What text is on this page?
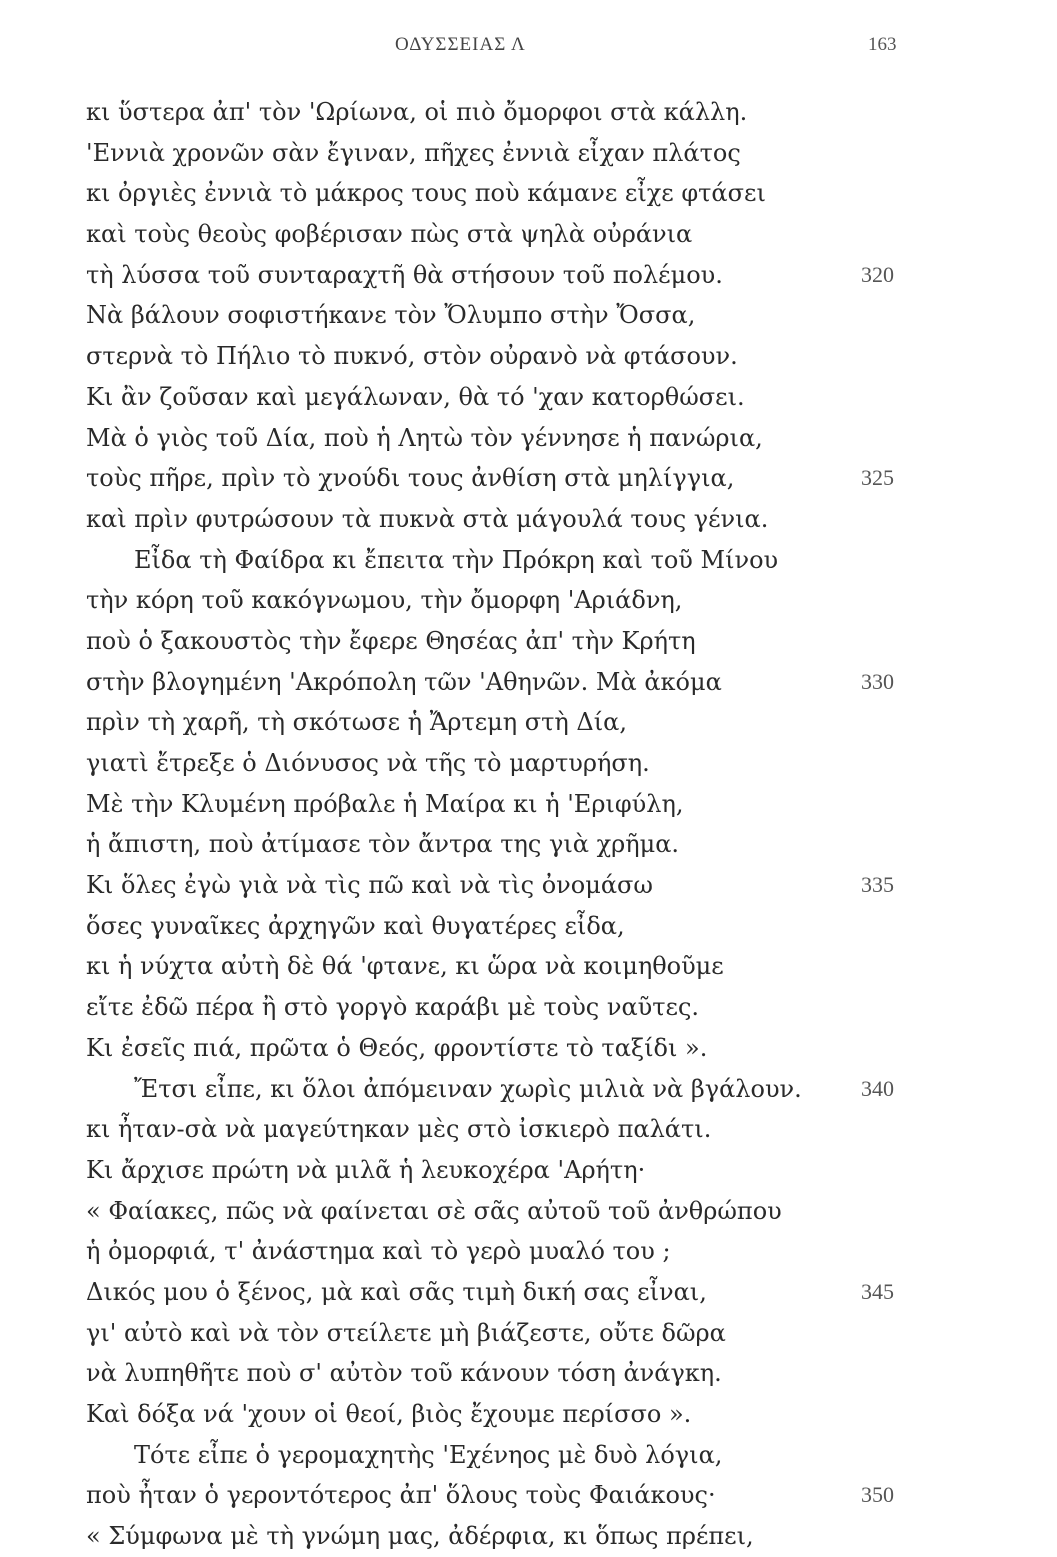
ΟΔΥΣΣΕΙΑΣ Λ	163
κι ὕστερα ἀπ' τὸν 'Ωρίωνα, οἱ πιὸ ὄμορφοι στὰ κάλλη.
'Εννιὰ χρονῶν σὰν ἔγιναν, πῆχες ἐννιὰ εἶχαν πλάτος
κι ὀργιὲς ἐννιὰ τὸ μάκρος τους ποὺ κάμανε εἶχε φτάσει
καὶ τοὺς θεοὺς φοβέρισαν πὼς στὰ ψηλὰ οὐράνια
τὴ λύσσα τοῦ συνταραχτῆ θὰ στήσουν τοῦ πολέμου.	320
Νὰ βάλουν σοφιστήκανε τὸν Ὄλυμπο στὴν Ὄσσα,
στερνὰ τὸ Πήλιο τὸ πυκνό, στὸν οὐρανὸ νὰ φτάσουν.
Κι ἂν ζοῦσαν καὶ μεγάλωναν, θὰ τό 'χαν κατορθώσει.
Μὰ ὁ γιὸς τοῦ Δία, ποὺ ἡ Λητὼ τὸν γέννησε ἡ πανώρια,
τοὺς πῆρε, πρὶν τὸ χνούδι τους ἀνθίση στὰ μηλίγγια,	325
καὶ πρὶν φυτρώσουν τὰ πυκνὰ στὰ μάγουλά τους γένια.
Εἶδα τὴ Φαίδρα κι ἔπειτα τὴν Πρόκρη καὶ τοῦ Μίνου
τὴν κόρη τοῦ κακόγνωμου, τὴν ὄμορφη 'Αριάδνη,
ποὺ ὁ ξακουστὸς τὴν ἔφερε Θησέας ἀπ' τὴν Κρήτη
στὴν βλογημένη 'Ακρόπολη τῶν 'Αθηνῶν. Μὰ ἀκόμα	330
πρὶν τὴ χαρῆ, τὴ σκότωσε ἡ Ἄρτεμη στὴ Δία,
γιατὶ ἔτρεξε ὁ Διόνυσος νὰ τῆς τὸ μαρτυρήση.
Μὲ τὴν Κλυμένη πρόβαλε ἡ Μαίρα κι ἡ 'Εριφύλη,
ἡ ἄπιστη, ποὺ ἀτίμασε τὸν ἄντρα της γιὰ χρῆμα.
Κι ὅλες ἐγὼ γιὰ νὰ τὶς πῶ καὶ νὰ τὶς ὀνομάσω	335
ὅσες γυναῖκες ἀρχηγῶν καὶ θυγατέρες εἶδα,
κι ἡ νύχτα αὐτὴ δὲ θά 'φτανε, κι ὥρα νὰ κοιμηθοῦμε
εἴτε ἐδῶ πέρα ἢ στὸ γοργὸ καράβι μὲ τοὺς ναῦτες.
Κι ἐσεῖς πιά, πρῶτα ὁ Θεός, φροντίστε τὸ ταξίδι ».
Ἔτσι εἶπε, κι ὅλοι ἀπόμειναν χωρὶς μιλιὰ νὰ βγάλουν.	340
κι ἦταν-σὰ νὰ μαγεύτηκαν μὲς στὸ ἰσκιερὸ παλάτι.
Κι ἄρχισε πρώτη νὰ μιλᾶ ἡ λευκοχέρα 'Αρήτη·
« Φαίακες, πῶς νὰ φαίνεται σὲ σᾶς αὐτοῦ τοῦ ἀνθρώπου
ἡ ὀμορφιά, τ' ἀνάστημα καὶ τὸ γερὸ μυαλό του ;
Δικός μου ὁ ξένος, μὰ καὶ σᾶς τιμὴ δική σας εἶναι,	345
γι' αὐτὸ καὶ νὰ τὸν στείλετε μὴ βιάζεστε, οὔτε δῶρα
νὰ λυπηθῆτε ποὺ σ' αὐτὸν τοῦ κάνουν τόση ἀνάγκη.
Καὶ δόξα νά 'χουν οἱ θεοί, βιὸς ἔχουμε περίσσο ».
Τότε εἶπε ὁ γερομαχητὴς 'Εχένηος μὲ δυὸ λόγια,
ποὺ ἦταν ὁ γεροντότερος ἀπ' ὅλους τοὺς Φαιάκους·	350
« Σύμφωνα μὲ τὴ γνώμη μας, ἀδέρφια, κι ὅπως πρέπει,
